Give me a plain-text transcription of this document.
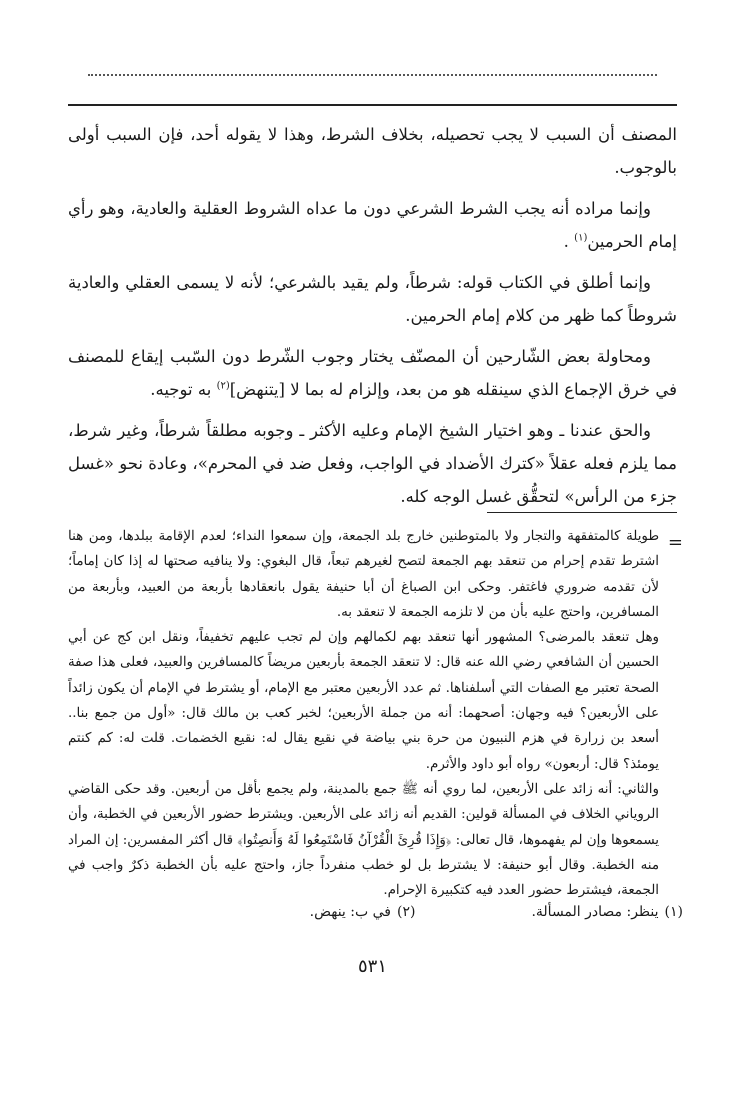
المصنف أن السبب لا يجب تحصيله، بخلاف الشرط، وهذا لا يقوله أحد، فإن السبب أولى بالوجوب.

وإنما مراده أنه يجب الشرط الشرعي دون ما عداه الشروط العقلية والعادية، وهو رأي إمام الحرمين$^{(١)}$ .

وإنما أطلق في الكتاب قوله: شرطاً، ولم يقيد بالشرعي؛ لأنه لا يسمى العقلي والعادية شروطاً كما ظهر من كلام إمام الحرمين.

ومحاولة بعض الشّارحين أن المصنّف يختار وجوب الشّرط دون السّبب إيقاع للمصنف في خرق الإجماع الذي سينقله هو من بعد، وإلزام له بما لا [يتنهض]$^{(٢)}$ به توجيه.

والحق عندنا ـ وهو اختيار الشيخ الإمام وعليه الأكثر ـ وجوبه مطلقاً شرطاً، وغير شرط، مما يلزم فعله عقلاً «كترك الأضداد في الواجب، وفعل ضد في المحرم»، وعادة نحو «غسل جزء من الرأس» لتحقُّق غسل الوجه كله.

=

طويلة كالمتفقهة والتجار ولا بالمتوطنين خارج بلد الجمعة، وإن سمعوا النداء؛ لعدم الإقامة ببلدها، ومن هنا اشترط تقدم إحرام من تنعقد بهم الجمعة لتصح لغيرهم تبعاً، قال البغوي: ولا ينافيه صحتها له إذا كان إماماً؛ لأن تقدمه ضروري فاغتفر. وحكى ابن الصباغ أن أبا حنيفة يقول بانعقادها بأربعة من العبيد، وبأربعة من المسافرين، واحتج عليه بأن من لا تلزمه الجمعة لا تنعقد به.

وهل تنعقد بالمرضى؟ المشهور أنها تنعقد بهم لكمالهم وإن لم تجب عليهم تخفيفاً، ونقل ابن كج عن أبي الحسين أن الشافعي رضي الله عنه قال: لا تنعقد الجمعة بأربعين مريضاً كالمسافرين والعبيد، فعلى هذا صفة الصحة تعتبر مع الصفات التي أسلفناها. ثم عدد الأربعين معتبر مع الإمام، أو يشترط في الإمام أن يكون زائداً على الأربعين؟ فيه وجهان: أصحهما: أنه من جملة الأربعين؛ لخبر كعب بن مالك قال: «أول من جمع بنا.. أسعد بن زرارة في هزم النبيون من حرة بني بياضة في نقيع يقال له: نقيع الخضمات. قلت له: كم كنتم يومئذ؟ قال: أربعون» رواه أبو داود والأثرم.

والثاني: أنه زائد على الأربعين، لما روي أنه ﷺ جمع بالمدينة، ولم يجمع بأقل من أربعين. وقد حكى القاضي الروياني الخلاف في المسألة قولين: القديم أنه زائد على الأربعين. ويشترط حضور الأربعين في الخطبة، وأن يسمعوها وإن لم يفهموها، قال تعالى: ﴿وَإِذَا قُرِئَ الْقُرْآنُ فَاسْتَمِعُوا لَهُ وَأَنصِتُوا﴾ قال أكثر المفسرين: إن المراد منه الخطبة. وقال أبو حنيفة: لا يشترط بل لو خطب منفرداً جاز، واحتج عليه بأن الخطبة ذكرٌ واجب في الجمعة، فيشترط حضور العدد فيه كتكبيرة الإحرام.

(١)
ينظر: مصادر المسألة.
(٢)
في ب: ينهض.
٥٣١
